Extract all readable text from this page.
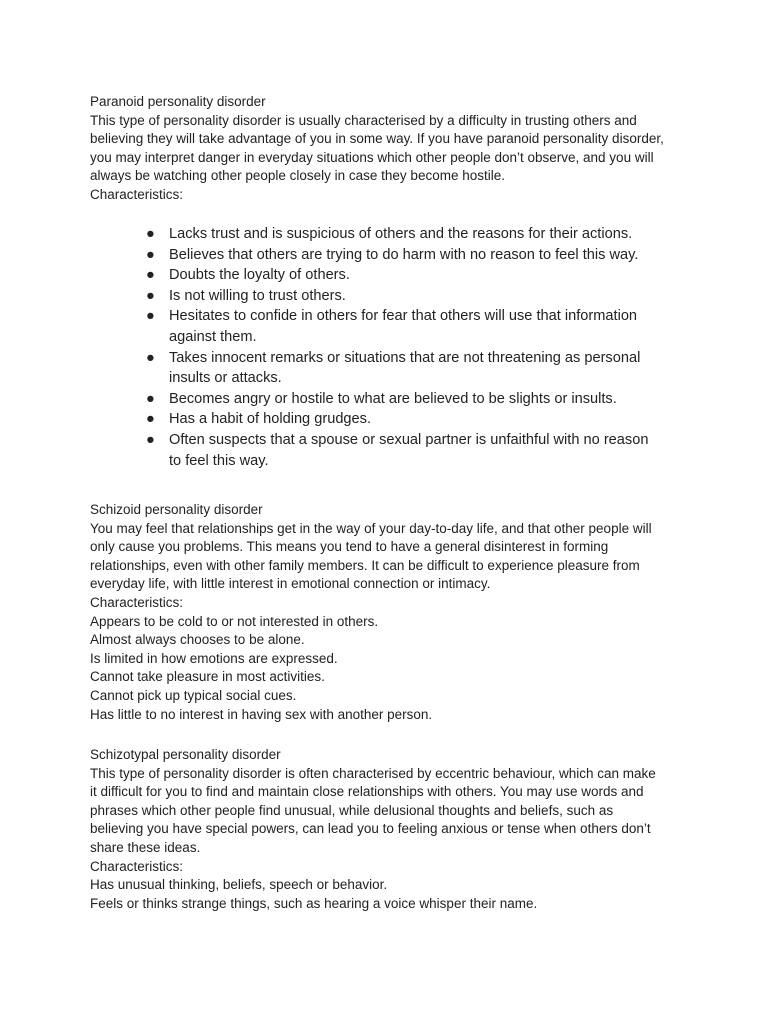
Paranoid personality disorder
This type of personality disorder is usually characterised by a difficulty in trusting others and
believing they will take advantage of you in some way. If you have paranoid personality disorder,
you may interpret danger in everyday situations which other people don’t observe, and you will
always be watching other people closely in case they become hostile.
Characteristics:
● Lacks trust and is suspicious of others and the reasons for their actions.
● Believes that others are trying to do harm with no reason to feel this way.
● Doubts the loyalty of others.
● Is not willing to trust others.
● Hesitates to confide in others for fear that others will use that information
against them.
● Takes innocent remarks or situations that are not threatening as personal
insults or attacks.
● Becomes angry or hostile to what are believed to be slights or insults.
● Has a habit of holding grudges.
● Often suspects that a spouse or sexual partner is unfaithful with no reason
to feel this way.
Schizoid personality disorder
You may feel that relationships get in the way of your day-to-day life, and that other people will
only cause you problems. This means you tend to have a general disinterest in forming
relationships, even with other family members. It can be difficult to experience pleasure from
everyday life, with little interest in emotional connection or intimacy.
Characteristics:
Appears to be cold to or not interested in others.
Almost always chooses to be alone.
Is limited in how emotions are expressed.
Cannot take pleasure in most activities.
Cannot pick up typical social cues.
Has little to no interest in having sex with another person.
Schizotypal personality disorder
This type of personality disorder is often characterised by eccentric behaviour, which can make
it difficult for you to find and maintain close relationships with others. You may use words and
phrases which other people find unusual, while delusional thoughts and beliefs, such as
believing you have special powers, can lead you to feeling anxious or tense when others don’t
share these ideas.
Characteristics:
Has unusual thinking, beliefs, speech or behavior.
Feels or thinks strange things, such as hearing a voice whisper their name.
